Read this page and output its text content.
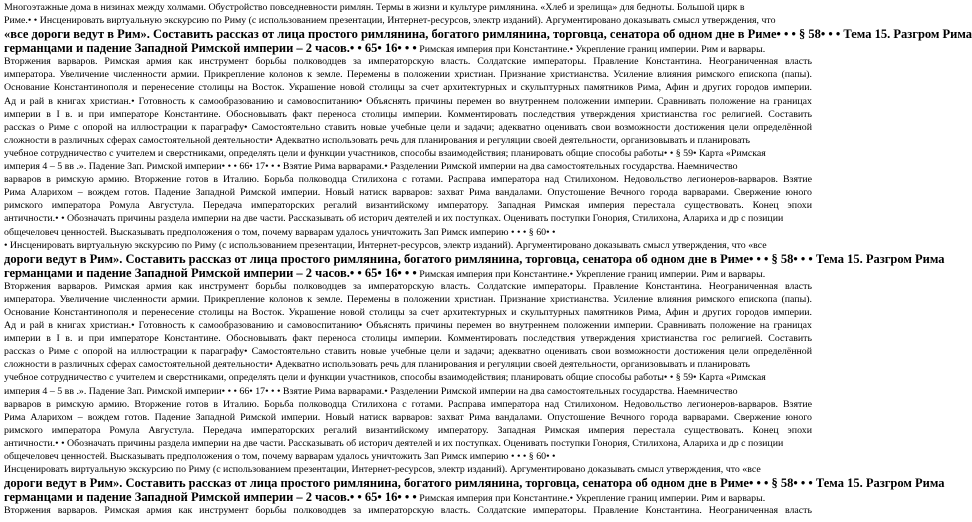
Многоэтажные дома в низинах между холмами. Обустройство повседневности римлян. Термы в жизни и культуре римлянина. «Хлеб и зрелища» для бедноты. Большой цирк в
Риме.• • Инсценировать виртуальную экскурсию по Риму (с использованием презентации, Интернет-ресурсов, электр изданий). Аргументировано доказывать смысл утверждения, что
«все дороги ведут в Рим». Составить рассказ от лица простого римлянина, богатого римлянина, торговца, сенатора об одном дне в Риме• • • § 58• • • Тема 15. Разгром Рима
германцами и падение Западной Римской империи – 2 часов.• • 65• 16• • • Римская империя при Константине.• Укрепление границ империи. Рим и варвары.
Вторжения варваров. Римская армия как инструмент борьбы полководцев за императорскую власть. Солдатские императоры. Правление Константина. Неограниченная власть
императора. Увеличение численности армии. Прикрепление колонов к земле. Перемены в положении христиан. Признание христианства. Усиление влияния римского епископа (папы).
Основание Константинополя и перенесение столицы на Восток. Украшение новой столицы за счет архитектурных и скульптурных памятников Рима, Афин и других городов империи.
Ад и рай в книгах христиан.• Готовность к самообразованию и самовоспитанию• Объяснять причины перемен во внутреннем положении империи. Сравнивать положение на границах
империи в I в. и при императоре Константине. Обосновывать факт переноса столицы империи. Комментировать последствия утверждения христианства гос религией. Составить
рассказ о Риме с опорой на иллюстрации к параграфу• Самостоятельно ставить новые учебные цели и задачи; адекватно оценивать свои возможности достижения цели определённой
сложности в различных сферах самостоятельной деятельности• Адекватно использовать речь для планирования и регуляции своей деятельности, организовывать и планировать
учебное сотрудничество с учителем и сверстниками, определять цели и функции участников, способы взаимодействия; планировать общие способы работы• • § 59• Карта «Римская
империя 4 – 5 вв .». Падение Зап. Римской империи• • • 66• 17• • • Взятие Рима варварами.• Разделении Римской империи на два самостоятельных государства. Наемничество
варваров в римскую армию. Вторжение готов в Италию. Борьба полководца Стилихона с готами. Расправа императора над Стилихоном. Недовольство легионеров-варваров. Взятие
Рима Аларихом – вождем готов. Падение Западной Римской империи. Новый натиск варваров: захват Рима вандалами. Опустошение Вечного города варварами. Свержение юного
римского императора Ромула Августула. Передача императорских регалий византийскому императору. Западная Римская империя перестала существовать. Конец эпохи
античности.• • Обозначать причины раздела империи на две части. Рассказывать об историч деятелей и их поступках. Оценивать поступки Гонория, Стилихона, Алариха и др с позиции
общечеловеч ценностей. Высказывать предположения о том, почему варварам удалось уничтожить Зап Римск империю • • • § 60• •
• Инсценировать виртуальную экскурсию по Риму (с использованием презентации, Интернет-ресурсов, электр изданий). Аргументировано доказывать смысл утверждения, что «все
дороги ведут в Рим». Составить рассказ от лица простого римлянина, богатого римлянина, торговца, сенатора об одном дне в Риме• • • § 58• • • Тема 15. Разгром Рима
германцами и падение Западной Римской империи – 2 часов.• • 65• 16• • • Римская империя при Константине.• Укрепление границ империи. Рим и варвары.
Вторжения варваров. Римская армия как инструмент борьбы полководцев за императорскую власть. Солдатские императоры. Правление Константина. Неограниченная власть
императора. Увеличение численности армии. Прикрепление колонов к земле. Перемены в положении христиан. Признание христианства. Усиление влияния римского епископа (папы).
Основание Константинополя и перенесение столицы на Восток. Украшение новой столицы за счет архитектурных и скульптурных памятников Рима, Афин и других городов империи.
Ад и рай в книгах христиан.• Готовность к самообразованию и самовоспитанию• Объяснять причины перемен во внутреннем положении империи. Сравнивать положение на границах
империи в I в. и при императоре Константине. Обосновывать факт переноса столицы империи. Комментировать последствия утверждения христианства гос религией. Составить
рассказ о Риме с опорой на иллюстрации к параграфу• Самостоятельно ставить новые учебные цели и задачи; адекватно оценивать свои возможности достижения цели определённой
сложности в различных сферах самостоятельной деятельности• Адекватно использовать речь для планирования и регуляции своей деятельности, организовывать и планировать
учебное сотрудничество с учителем и сверстниками, определять цели и функции участников, способы взаимодействия; планировать общие способы работы• • § 59• Карта «Римская
империя 4 – 5 вв .». Падение Зап. Римской империи• • • 66• 17• • • Взятие Рима варварами.• Разделении Римской империи на два самостоятельных государства. Наемничество
варваров в римскую армию. Вторжение готов в Италию. Борьба полководца Стилихона с готами. Расправа императора над Стилихоном. Недовольство легионеров-варваров. Взятие
Рима Аларихом – вождем готов. Падение Западной Римской империи. Новый натиск варваров: захват Рима вандалами. Опустошение Вечного города варварами. Свержение юного
римского императора Ромула Августула. Передача императорских регалий византийскому императору. Западная Римская империя перестала существовать. Конец эпохи
античности.• • Обозначать причины раздела империи на две части. Рассказывать об историч деятелей и их поступках. Оценивать поступки Гонория, Стилихона, Алариха и др с позиции
общечеловеч ценностей. Высказывать предположения о том, почему варварам удалось уничтожить Зап Римск империю • • • § 60• •
Инсценировать виртуальную экскурсию по Риму (с использованием презентации, Интернет-ресурсов, электр изданий). Аргументировано доказывать смысл утверждения, что «все
дороги ведут в Рим». Составить рассказ от лица простого римлянина, богатого римлянина, торговца, сенатора об одном дне в Риме• • • § 58• • • Тема 15. Разгром Рима
германцами и падение Западной Римской империи – 2 часов.• • 65• 16• • • Римская империя при Константине.• Укрепление границ империи. Рим и варвары.
Вторжения варваров. Римская армия как инструмент борьбы полководцев за императорскую власть. Солдатские императоры. Правление Константина. Неограниченная власть
